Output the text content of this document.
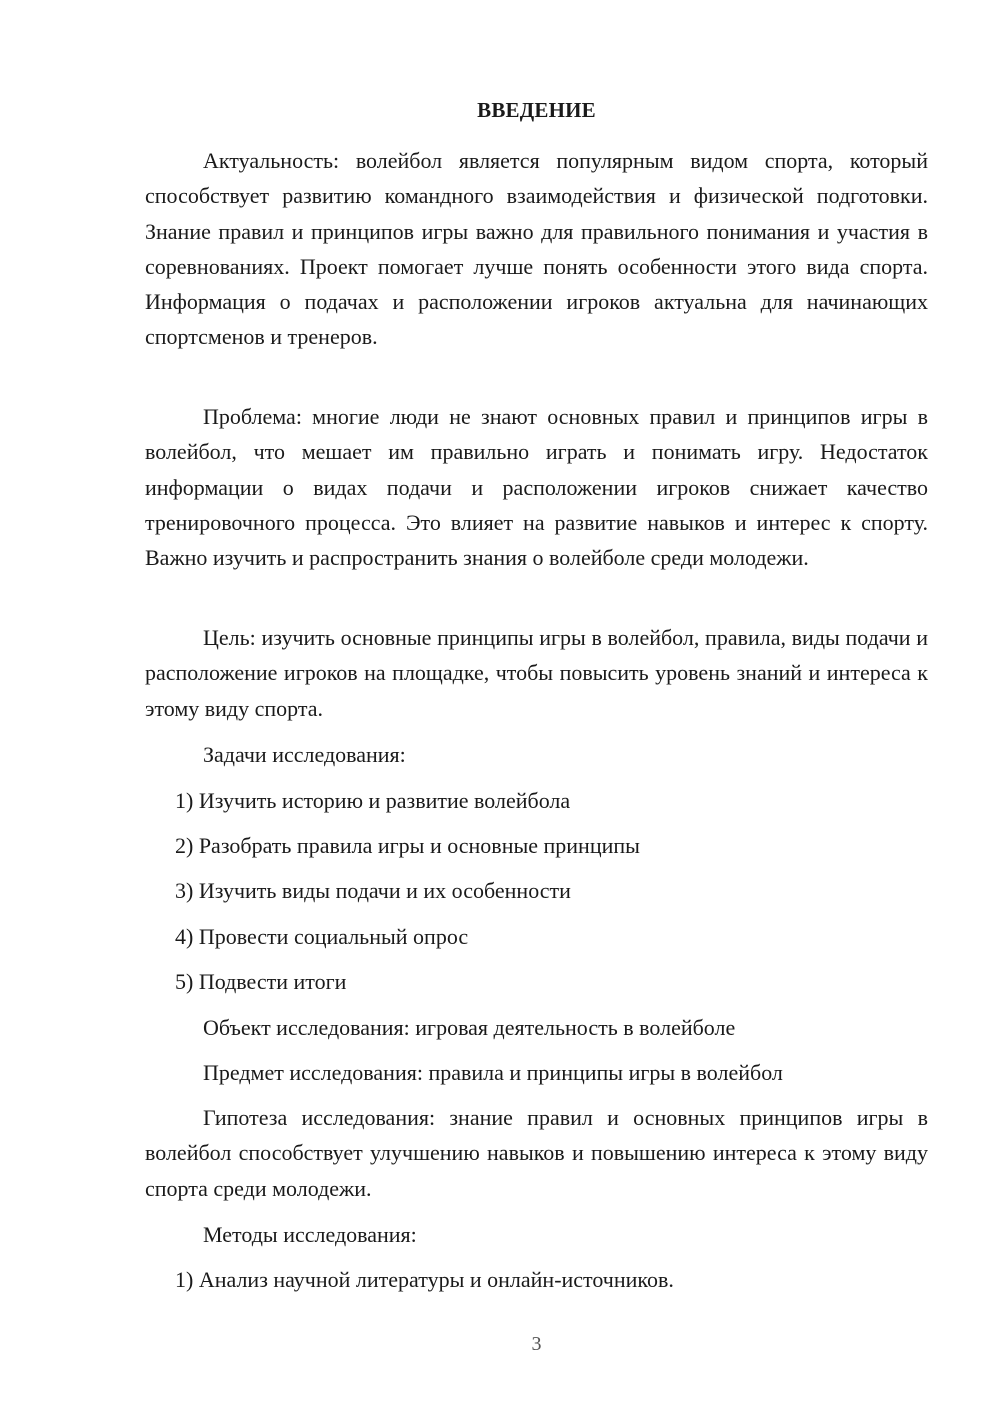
ВВЕДЕНИЕ

Актуальность: волейбол является популярным видом спорта, который способствует развитию командного взаимодействия и физической подготовки. Знание правил и принципов игры важно для правильного понимания и участия в соревнованиях. Проект помогает лучше понять особенности этого вида спорта. Информация о подачах и расположении игроков актуальна для начинающих спортсменов и тренеров.

Проблема: многие люди не знают основных правил и принципов игры в волейбол, что мешает им правильно играть и понимать игру. Недостаток информации о видах подачи и расположении игроков снижает качество тренировочного процесса. Это влияет на развитие навыков и интерес к спорту. Важно изучить и распространить знания о волейболе среди молодежи.

Цель: изучить основные принципы игры в волейбол, правила, виды подачи и расположение игроков на площадке, чтобы повысить уровень знаний и интереса к этому виду спорта.

Задачи исследования:

1) Изучить историю и развитие волейбола

2) Разобрать правила игры и основные принципы

3) Изучить виды подачи и их особенности

4) Провести социальный опрос

5) Подвести итоги

Объект исследования: игровая деятельность в волейболе

Предмет исследования: правила и принципы игры в волейбол

Гипотеза исследования: знание правил и основных принципов игры в волейбол способствует улучшению навыков и повышению интереса к этому виду спорта среди молодежи.

Методы исследования:

1) Анализ научной литературы и онлайн-источников.

3
